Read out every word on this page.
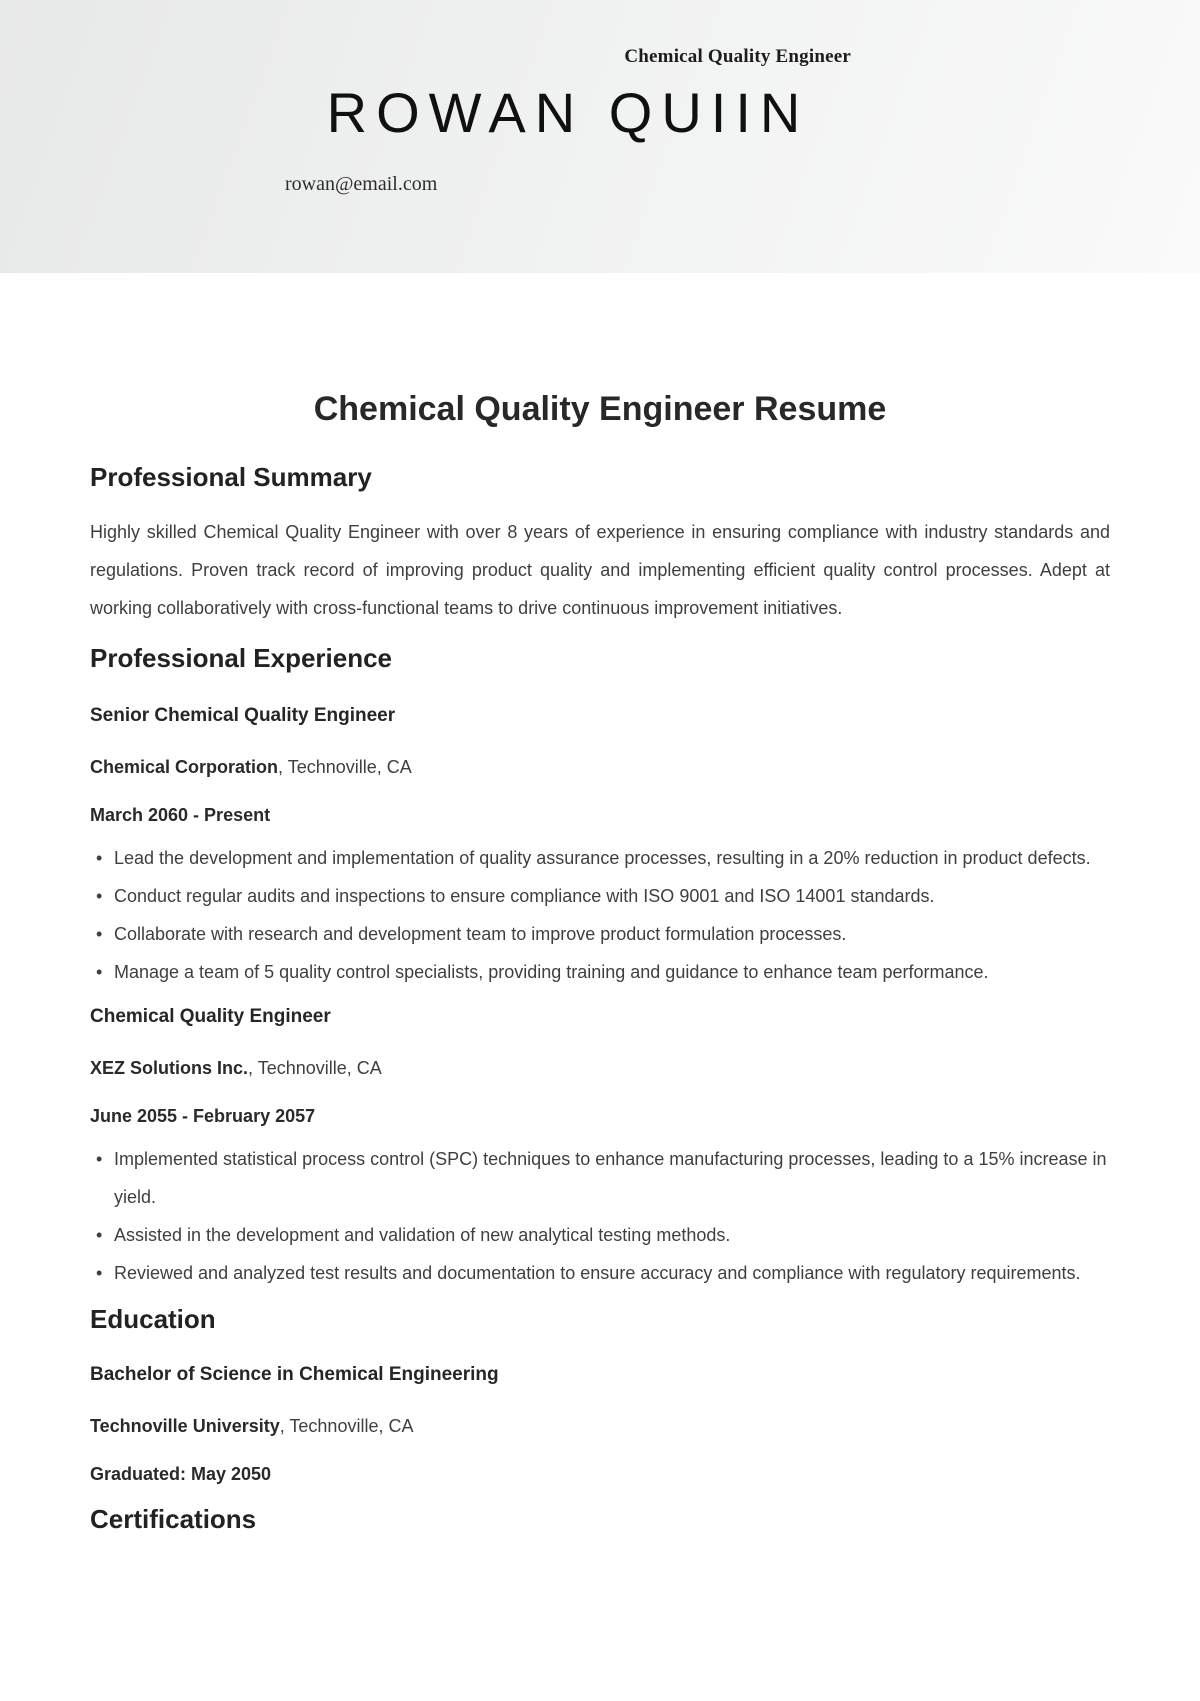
Chemical Quality Engineer
ROWAN QUIIN
rowan@email.com
Chemical Quality Engineer Resume
Professional Summary

Highly skilled Chemical Quality Engineer with over 8 years of experience in ensuring compliance with industry standards and regulations. Proven track record of improving product quality and implementing efficient quality control processes. Adept at working collaboratively with cross-functional teams to drive continuous improvement initiatives.

Professional Experience
Senior Chemical Quality Engineer

Chemical Corporation, Technoville, CA

March 2060 - Present

• Lead the development and implementation of quality assurance processes, resulting in a 20% reduction in product defects.
• Conduct regular audits and inspections to ensure compliance with ISO 9001 and ISO 14001 standards.
• Collaborate with research and development team to improve product formulation processes.
• Manage a team of 5 quality control specialists, providing training and guidance to enhance team performance.
Chemical Quality Engineer

XEZ Solutions Inc., Technoville, CA

June 2055 - February 2057

• Implemented statistical process control (SPC) techniques to enhance manufacturing processes, leading to a 15% increase in yield.
• Assisted in the development and validation of new analytical testing methods.
• Reviewed and analyzed test results and documentation to ensure accuracy and compliance with regulatory requirements.
Education
Bachelor of Science in Chemical Engineering

Technoville University, Technoville, CA

Graduated: May 2050

Certifications
